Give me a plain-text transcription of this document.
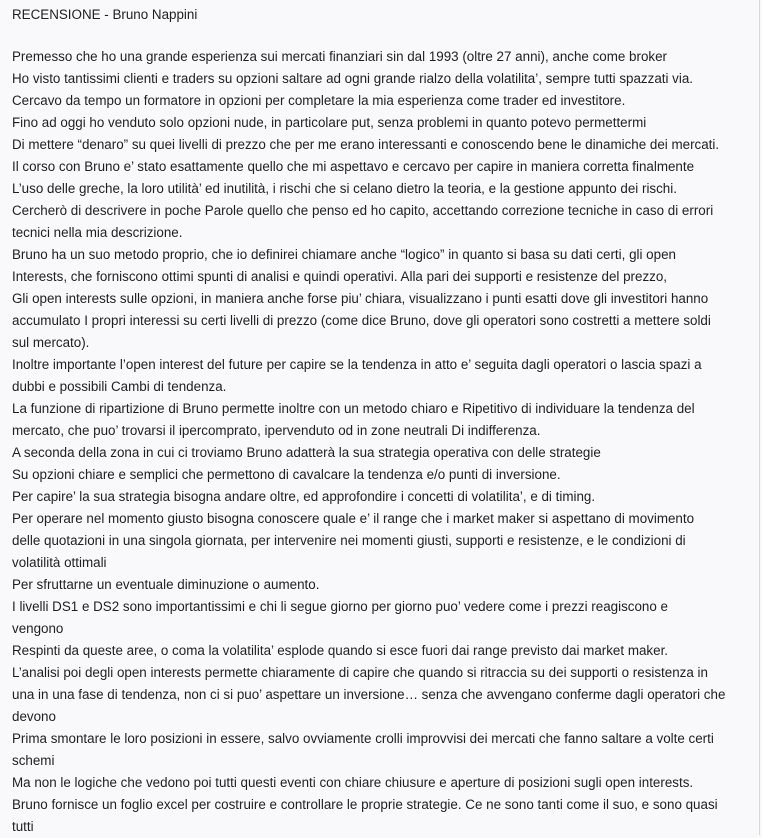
RECENSIONE - Bruno Nappini
Premesso che ho una grande esperienza sui mercati finanziari sin dal 1993 (oltre 27 anni), anche come broker
Ho visto tantissimi clienti e traders su opzioni saltare ad ogni grande rialzo della volatilita’, sempre tutti spazzati via.
Cercavo da tempo un formatore in opzioni per completare la mia esperienza come trader ed investitore.
Fino ad oggi ho venduto solo opzioni nude, in particolare put, senza problemi in quanto potevo permettermi
Di mettere “denaro” su quei livelli di prezzo che per me erano interessanti e conoscendo bene le dinamiche dei mercati.
Il corso con Bruno e’ stato esattamente quello che mi aspettavo e cercavo per capire in maniera corretta finalmente
L’uso delle greche, la loro utilità’ ed inutilità, i rischi che si celano dietro la teoria, e la gestione appunto dei rischi.
Cercherò di descrivere in poche Parole quello che penso ed ho capito, accettando correzione tecniche in caso di errori
tecnici nella mia descrizione.
Bruno ha un suo metodo proprio, che io definirei chiamare anche “logico” in quanto si basa su dati certi, gli open
Interests, che forniscono ottimi spunti di analisi e quindi operativi. Alla pari dei supporti e resistenze del prezzo,
Gli open interests sulle opzioni, in maniera anche forse piu’ chiara, visualizzano i punti esatti dove gli investitori hanno
accumulato I propri interessi su certi livelli di prezzo (come dice Bruno, dove gli operatori sono costretti a mettere soldi
sul mercato).
Inoltre importante l’open interest del future per capire se la tendenza in atto e’ seguita dagli operatori o lascia spazi a
dubbi e possibili Cambi di tendenza.
La funzione di ripartizione di Bruno permette inoltre con un metodo chiaro e Ripetitivo di individuare la tendenza del
mercato, che puo’ trovarsi il ipercomprato, ipervenduto od in zone neutrali Di indifferenza.
A seconda della zona in cui ci troviamo Bruno adatterà la sua strategia operativa con delle strategie
Su opzioni chiare e semplici che permettono di cavalcare la tendenza e/o punti di inversione.
Per capire’ la sua strategia bisogna andare oltre, ed approfondire i concetti di volatilita’, e di timing.
Per operare nel momento giusto bisogna conoscere quale e’ il range che i market maker si aspettano di movimento
delle quotazioni in una singola giornata, per intervenire nei momenti giusti, supporti e resistenze, e le condizioni di
volatilità ottimali
Per sfruttarne un eventuale diminuzione o aumento.
I livelli DS1 e DS2 sono importantissimi e chi li segue giorno per giorno puo’ vedere come i prezzi reagiscono e
vengono
Respinti da queste aree, o coma la volatilita’ esplode quando si esce fuori dai range previsto dai market maker.
L’analisi poi degli open interests permette chiaramente di capire che quando si ritraccia su dei supporti o resistenza in
una in una fase di tendenza, non ci si puo’ aspettare un inversione… senza che avvengano conferme dagli operatori che
devono
Prima smontare le loro posizioni in essere, salvo ovviamente crolli improvvisi dei mercati che fanno saltare a volte certi
schemi
Ma non le logiche che vedono poi tutti questi eventi con chiare chiusure e aperture di posizioni sugli open interests.
Bruno fornisce un foglio excel per costruire e controllare le proprie strategie. Ce ne sono tanti come il suo, e sono quasi
tutti
